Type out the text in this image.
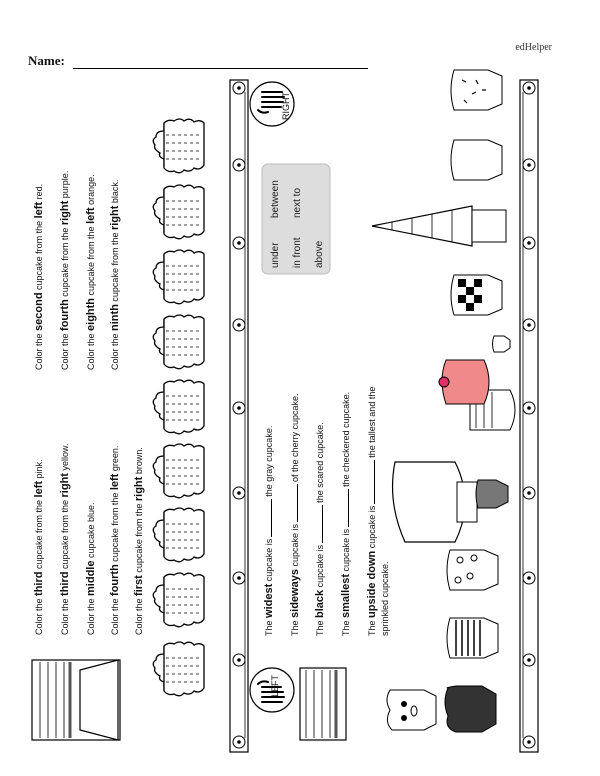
edHelper
Name:
LEFT
RIGHT
Color the third cupcake from the left pink.
Color the third cupcake from the right yellow.
Color the middle cupcake blue.
Color the fourth cupcake from the left green.
Color the first cupcake from the right brown.
Color the second cupcake from the left red.
Color the fourth cupcake from the right purple.
Color the eighth cupcake from the left orange.
Color the ninth cupcake from the right black.
The widest cupcake isthe gray cupcake.
The sideways cupcake isof the cherry cupcake.
The black cupcake isthe scared cupcake.
The smallest cupcake isthe checkered cupcake.
The upside down cupcake isthe tallest and the
sprinkled cupcake.
under
between
in front
next to
above
